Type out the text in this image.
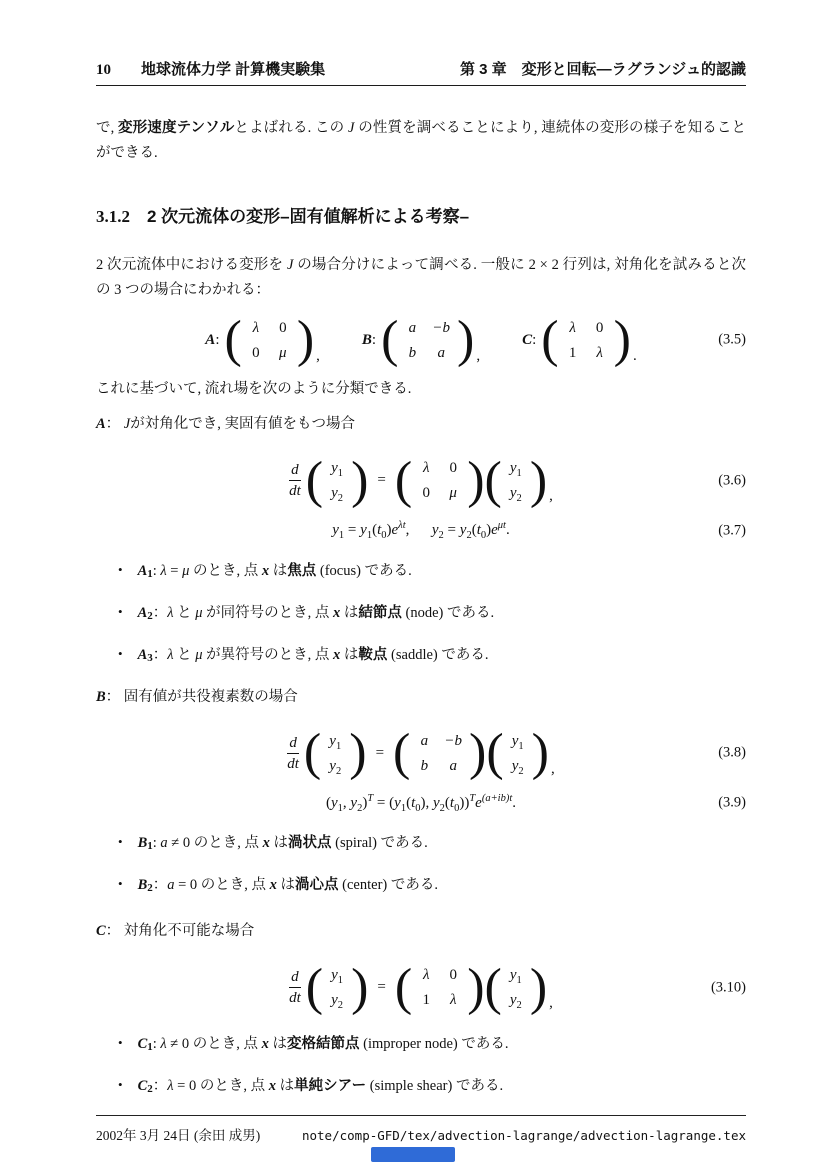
10 地球流体力学 計算機実験集	第 3 章　変形と回転—ラグランジュ的認識

で, 変形速度テンソルとよばれる. この J の性質を調べることにより, 連続体の変形の様子を知ることができる.

3.1.2 2 次元流体の変形–固有値解析による考察–

2 次元流体中における変形を J の場合分けによって調べる. 一般に 2 × 2 行列は, 対角化を試みると次の 3 つの場合にわかれる：

A : ( λ 0
0 μ ) ,
B : ( a −b
b	a ) ,
C : ( λ 0
1 λ ) .
(3.5)

これに基づいて, 流れ場を次のように分類できる.

A： Jが対角化でき, 実固有値をもつ場合

$\frac{d}{dt}$ ( $y_1$
$y_2$ ) = ( λ 0
0 μ ) ( $y_1$
$y_2$ ) ,
(3.6)
$y_1 = y_1(t_0)e^{\lambda t}$,   $y_2 = y_2(t_0)e^{\mu t}$.	(3.7)
• A1: λ = μ のとき, 点 x は焦点 (focus) である.
• A2：λ と μ が同符号のとき, 点 x は結節点 (node) である.
• A3：λ と μ が異符号のとき, 点 x は鞍点 (saddle) である.

B： 固有値が共役複素数の場合

$\frac{d}{dt}$ ( $y_1$
$y_2$ ) = ( a −b
b	a ) ( $y_1$
$y_2$ ) ,
(3.8)
($y_1$, $y_2)^T = (y_1(t_0)$, $y_2(t_0))^Te^{(a+ib)t}$.	(3.9)
• B1: a ≠ 0 のとき, 点 x は渦状点 (spiral) である.
• B2：a = 0 のとき, 点 x は渦心点 (center) である.

C： 対角化不可能な場合

$\frac{d}{dt}$ ( $y_1$
$y_2$ ) = ( λ 0
1 λ ) ( $y_1$
$y_2$ ) ,
(3.10)
• C1: λ ≠ 0 のとき, 点 x は変格結節点 (improper node) である.
• C2：λ = 0 のとき, 点 x は単純シアー (simple shear) である.
2002年 3月 24日 (余田 成男)	note/comp-GFD/tex/advection-lagrange/advection-lagrange.tex
